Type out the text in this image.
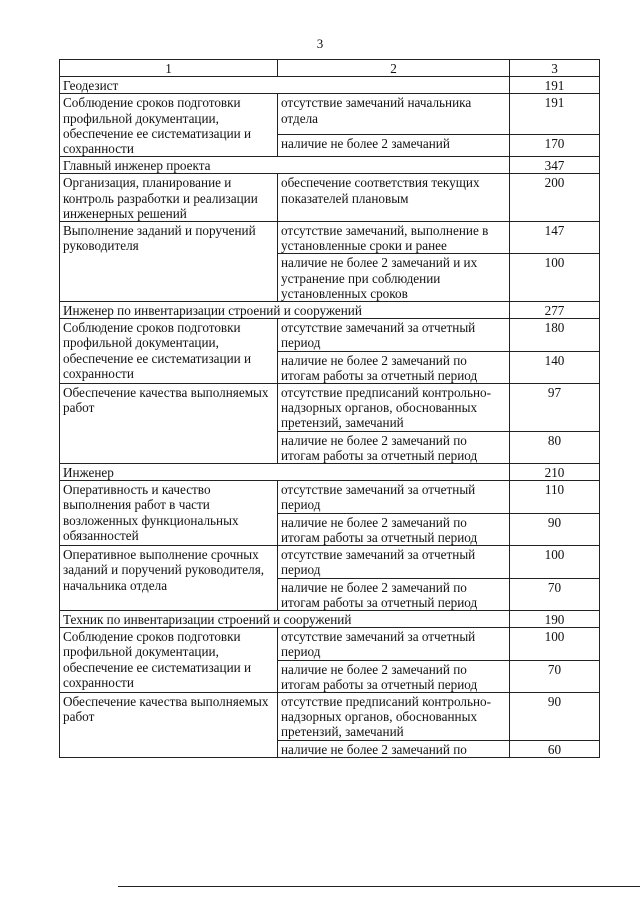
3
1	2	3
Геодезист		191
Соблюдение сроков подготовки профильной документации, обеспечение ее систематизации и сохранности	отсутствие замечаний начальника отдела	191
	наличие не более 2 замечаний	170
Главный инженер проекта		347
Организация, планирование и контроль разработки и реализации инженерных решений	обеспечение соответствия текущих показателей плановым	200
Выполнение заданий и поручений руководителя	отсутствие замечаний, выполнение в установленные сроки и ранее	147
	наличие не более 2 замечаний и их устранение при соблюдении установленных сроков	100
Инженер по инвентаризации строений и сооружений		277
Соблюдение сроков подготовки профильной документации, обеспечение ее систематизации и сохранности	отсутствие замечаний за отчетный период	180
	наличие не более 2 замечаний по итогам работы за отчетный период	140
Обеспечение качества выполняемых работ	отсутствие предписаний контрольно-надзорных органов, обоснованных претензий, замечаний	97
	наличие не более 2 замечаний по итогам работы за отчетный период	80
Инженер		210
Оперативность и качество выполнения работ в части возложенных функциональных обязанностей	отсутствие замечаний за отчетный период	110
	наличие не более 2 замечаний по итогам работы за отчетный период	90
Оперативное выполнение срочных заданий и поручений руководителя, начальника отдела	отсутствие замечаний за отчетный период	100
	наличие не более 2 замечаний по итогам работы за отчетный период	70
Техник по инвентаризации строений и сооружений		190
Соблюдение сроков подготовки профильной документации, обеспечение ее систематизации и сохранности	отсутствие замечаний за отчетный период	100
	наличие не более 2 замечаний по итогам работы за отчетный период	70
Обеспечение качества выполняемых работ	отсутствие предписаний контрольно-надзорных органов, обоснованных претензий, замечаний	90
	наличие не более 2 замечаний по	60
